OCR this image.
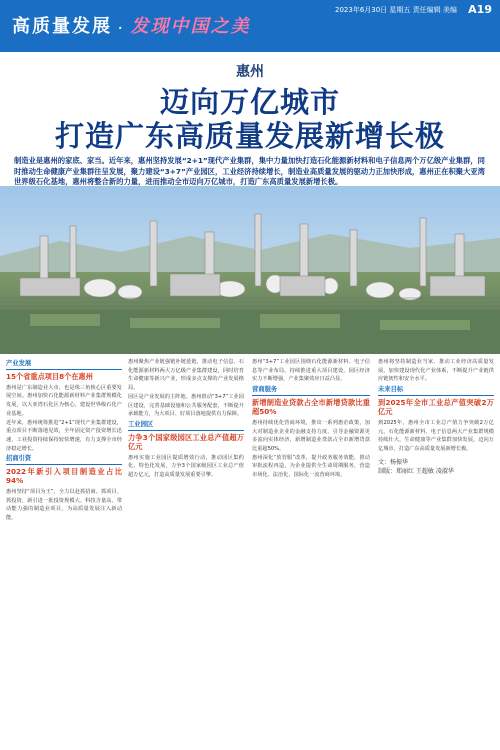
高质量发展 · 发现中国之美
2023年6月30日 星期五 责任编辑 美编 A19
惠州
迈向万亿城市
打造广东高质量发展新增长极
制造业是惠州的家底、家当。近年来，惠州坚持发展“2+1”现代产业集群，集中力量加快打造石化能源新材料和电子信息两个万亿级产业集群，同时推动生命健康产业集群往呈发展，聚力建设“3+7”产业园区，工业经济持续增长，制造业高质量发展的驱动力正加快形成，惠州正在积聚大亚湾世界级石化基地，惠州将整合新的力量，进而推动全市迈向万亿城市，打造广东高质量发展新增长极。
产业发展
15个省重点项目8个在惠州

惠州是广东制造业大市，也是珠三角核心区重要发展空间。惠州加快石化能源新材料产业集群规模化发展，以大亚湾石化区为核心，建设世界级石化产业基地。

近年来，惠州统筹推进“2+1”现代产业集群建设，重点项目不断落地见效，全年固定资产投资增长迅速，工业投资持续保持较快增速，有力支撑全市经济稳定增长。

招商引资
2022年新引入项目制造业占比94%

惠州坚持“项目为王”，全力以赴抓招商、抓项目、抓投资，新引进一批投资规模大、科技含量高、带动能力强的制造业项目，为高质量发展注入新动能。

惠州聚焦产业链强链补链延链，推动电子信息、石化能源新材料两大万亿级产业集群建设，同时培育生命健康等新兴产业，形成多点支撑的产业发展格局。

园区是产业发展的主阵地。惠州推动“3+7”工业园区建设，完善基础设施和公共服务配套，不断提升承载能力，为大项目、好项目落地提供有力保障。

工业园区
力争3个国家级园区工业总产值超万亿元

惠州实施工业园区提质增效行动，推动园区集约化、特色化发展，力争3个国家级园区工业总产值超万亿元，打造高质量发展重要引擎。

惠州“3+7”工业园区围绕石化能源新材料、电子信息等产业布局，持续推进重大项目建设，园区经济实力不断增强，产业集聚效应日益凸显。

营商服务
新增制造业贷款占全市新增贷款比重超50%

惠州持续优化营商环境，推出一系列惠企政策，加大对制造业企业的金融支持力度，引导金融资源更多流向实体经济，新增制造业贷款占全市新增贷款比重超50%。

惠州深化“放管服”改革，提升政务服务效能，推动审批流程再造，为企业提供全生命周期服务，营造市场化、法治化、国际化一流营商环境。

惠州将坚持制造业当家，推动工业经济高质量发展，加快建设现代化产业体系，不断提升产业链供应链韧性和安全水平。

未来目标
到2025年全市工业总产值突破2万亿元

到2025年，惠州全市工业总产值力争突破2万亿元，石化能源新材料、电子信息两大产业集群规模持续壮大，生命健康等产业集群加快发展，迈向万亿城市，打造广东高质量发展新增长极。

文：杨振华
制版：郑丽红 王超敏 凌淑华
